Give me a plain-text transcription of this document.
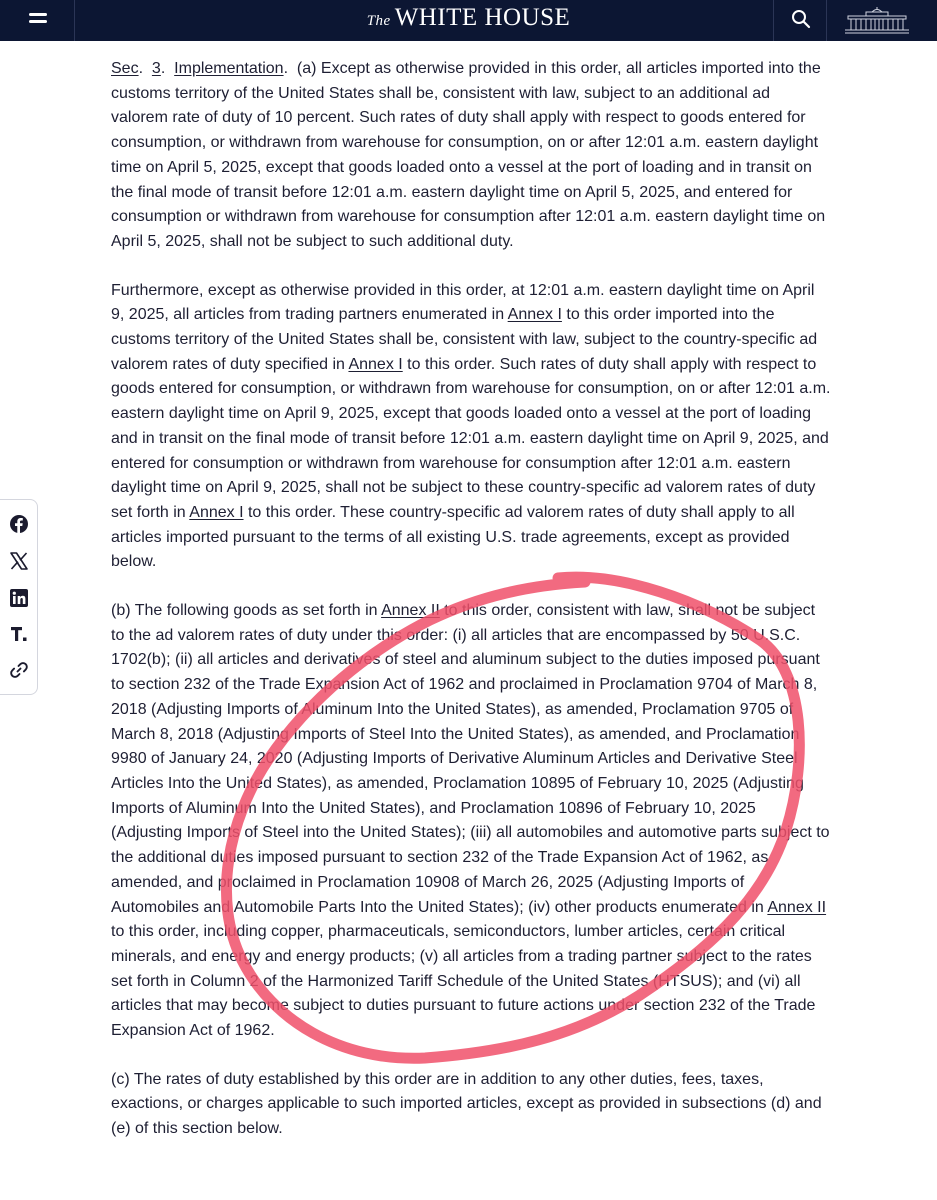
The WHITE HOUSE

Sec.  3.  Implementation.  (a) Except as otherwise provided in this order, all articles imported into the customs territory of the United States shall be, consistent with law, subject to an additional ad valorem rate of duty of 10 percent. Such rates of duty shall apply with respect to goods entered for consumption, or withdrawn from warehouse for consumption, on or after 12:01 a.m. eastern daylight time on April 5, 2025, except that goods loaded onto a vessel at the port of loading and in transit on the final mode of transit before 12:01 a.m. eastern daylight time on April 5, 2025, and entered for consumption or withdrawn from warehouse for consumption after 12:01 a.m. eastern daylight time on April 5, 2025, shall not be subject to such additional duty.

Furthermore, except as otherwise provided in this order, at 12:01 a.m. eastern daylight time on April 9, 2025, all articles from trading partners enumerated in Annex I to this order imported into the customs territory of the United States shall be, consistent with law, subject to the country-specific ad valorem rates of duty specified in Annex I to this order. Such rates of duty shall apply with respect to goods entered for consumption, or withdrawn from warehouse for consumption, on or after 12:01 a.m. eastern daylight time on April 9, 2025, except that goods loaded onto a vessel at the port of loading and in transit on the final mode of transit before 12:01 a.m. eastern daylight time on April 9, 2025, and entered for consumption or withdrawn from warehouse for consumption after 12:01 a.m. eastern daylight time on April 9, 2025, shall not be subject to these country-specific ad valorem rates of duty set forth in Annex I to this order. These country-specific ad valorem rates of duty shall apply to all articles imported pursuant to the terms of all existing U.S. trade agreements, except as provided below.

(b) The following goods as set forth in Annex II to this order, consistent with law, shall not be subject to the ad valorem rates of duty under this order: (i) all articles that are encompassed by 50 U.S.C. 1702(b); (ii) all articles and derivatives of steel and aluminum subject to the duties imposed pursuant to section 232 of the Trade Expansion Act of 1962 and proclaimed in Proclamation 9704 of March 8, 2018 (Adjusting Imports of Aluminum Into the United States), as amended, Proclamation 9705 of March 8, 2018 (Adjusting Imports of Steel Into the United States), as amended, and Proclamation 9980 of January 24, 2020 (Adjusting Imports of Derivative Aluminum Articles and Derivative Steel Articles Into the United States), as amended, Proclamation 10895 of February 10, 2025 (Adjusting Imports of Aluminum Into the United States), and Proclamation 10896 of February 10, 2025 (Adjusting Imports of Steel into the United States); (iii) all automobiles and automotive parts subject to the additional duties imposed pursuant to section 232 of the Trade Expansion Act of 1962, as amended, and proclaimed in Proclamation 10908 of March 26, 2025 (Adjusting Imports of Automobiles and Automobile Parts Into the United States); (iv) other products enumerated in Annex II to this order, including copper, pharmaceuticals, semiconductors, lumber articles, certain critical minerals, and energy and energy products; (v) all articles from a trading partner subject to the rates set forth in Column 2 of the Harmonized Tariff Schedule of the United States (HTSUS); and (vi) all articles that may become subject to duties pursuant to future actions under section 232 of the Trade Expansion Act of 1962.

(c) The rates of duty established by this order are in addition to any other duties, fees, taxes, exactions, or charges applicable to such imported articles, except as provided in subsections (d) and (e) of this section below.
